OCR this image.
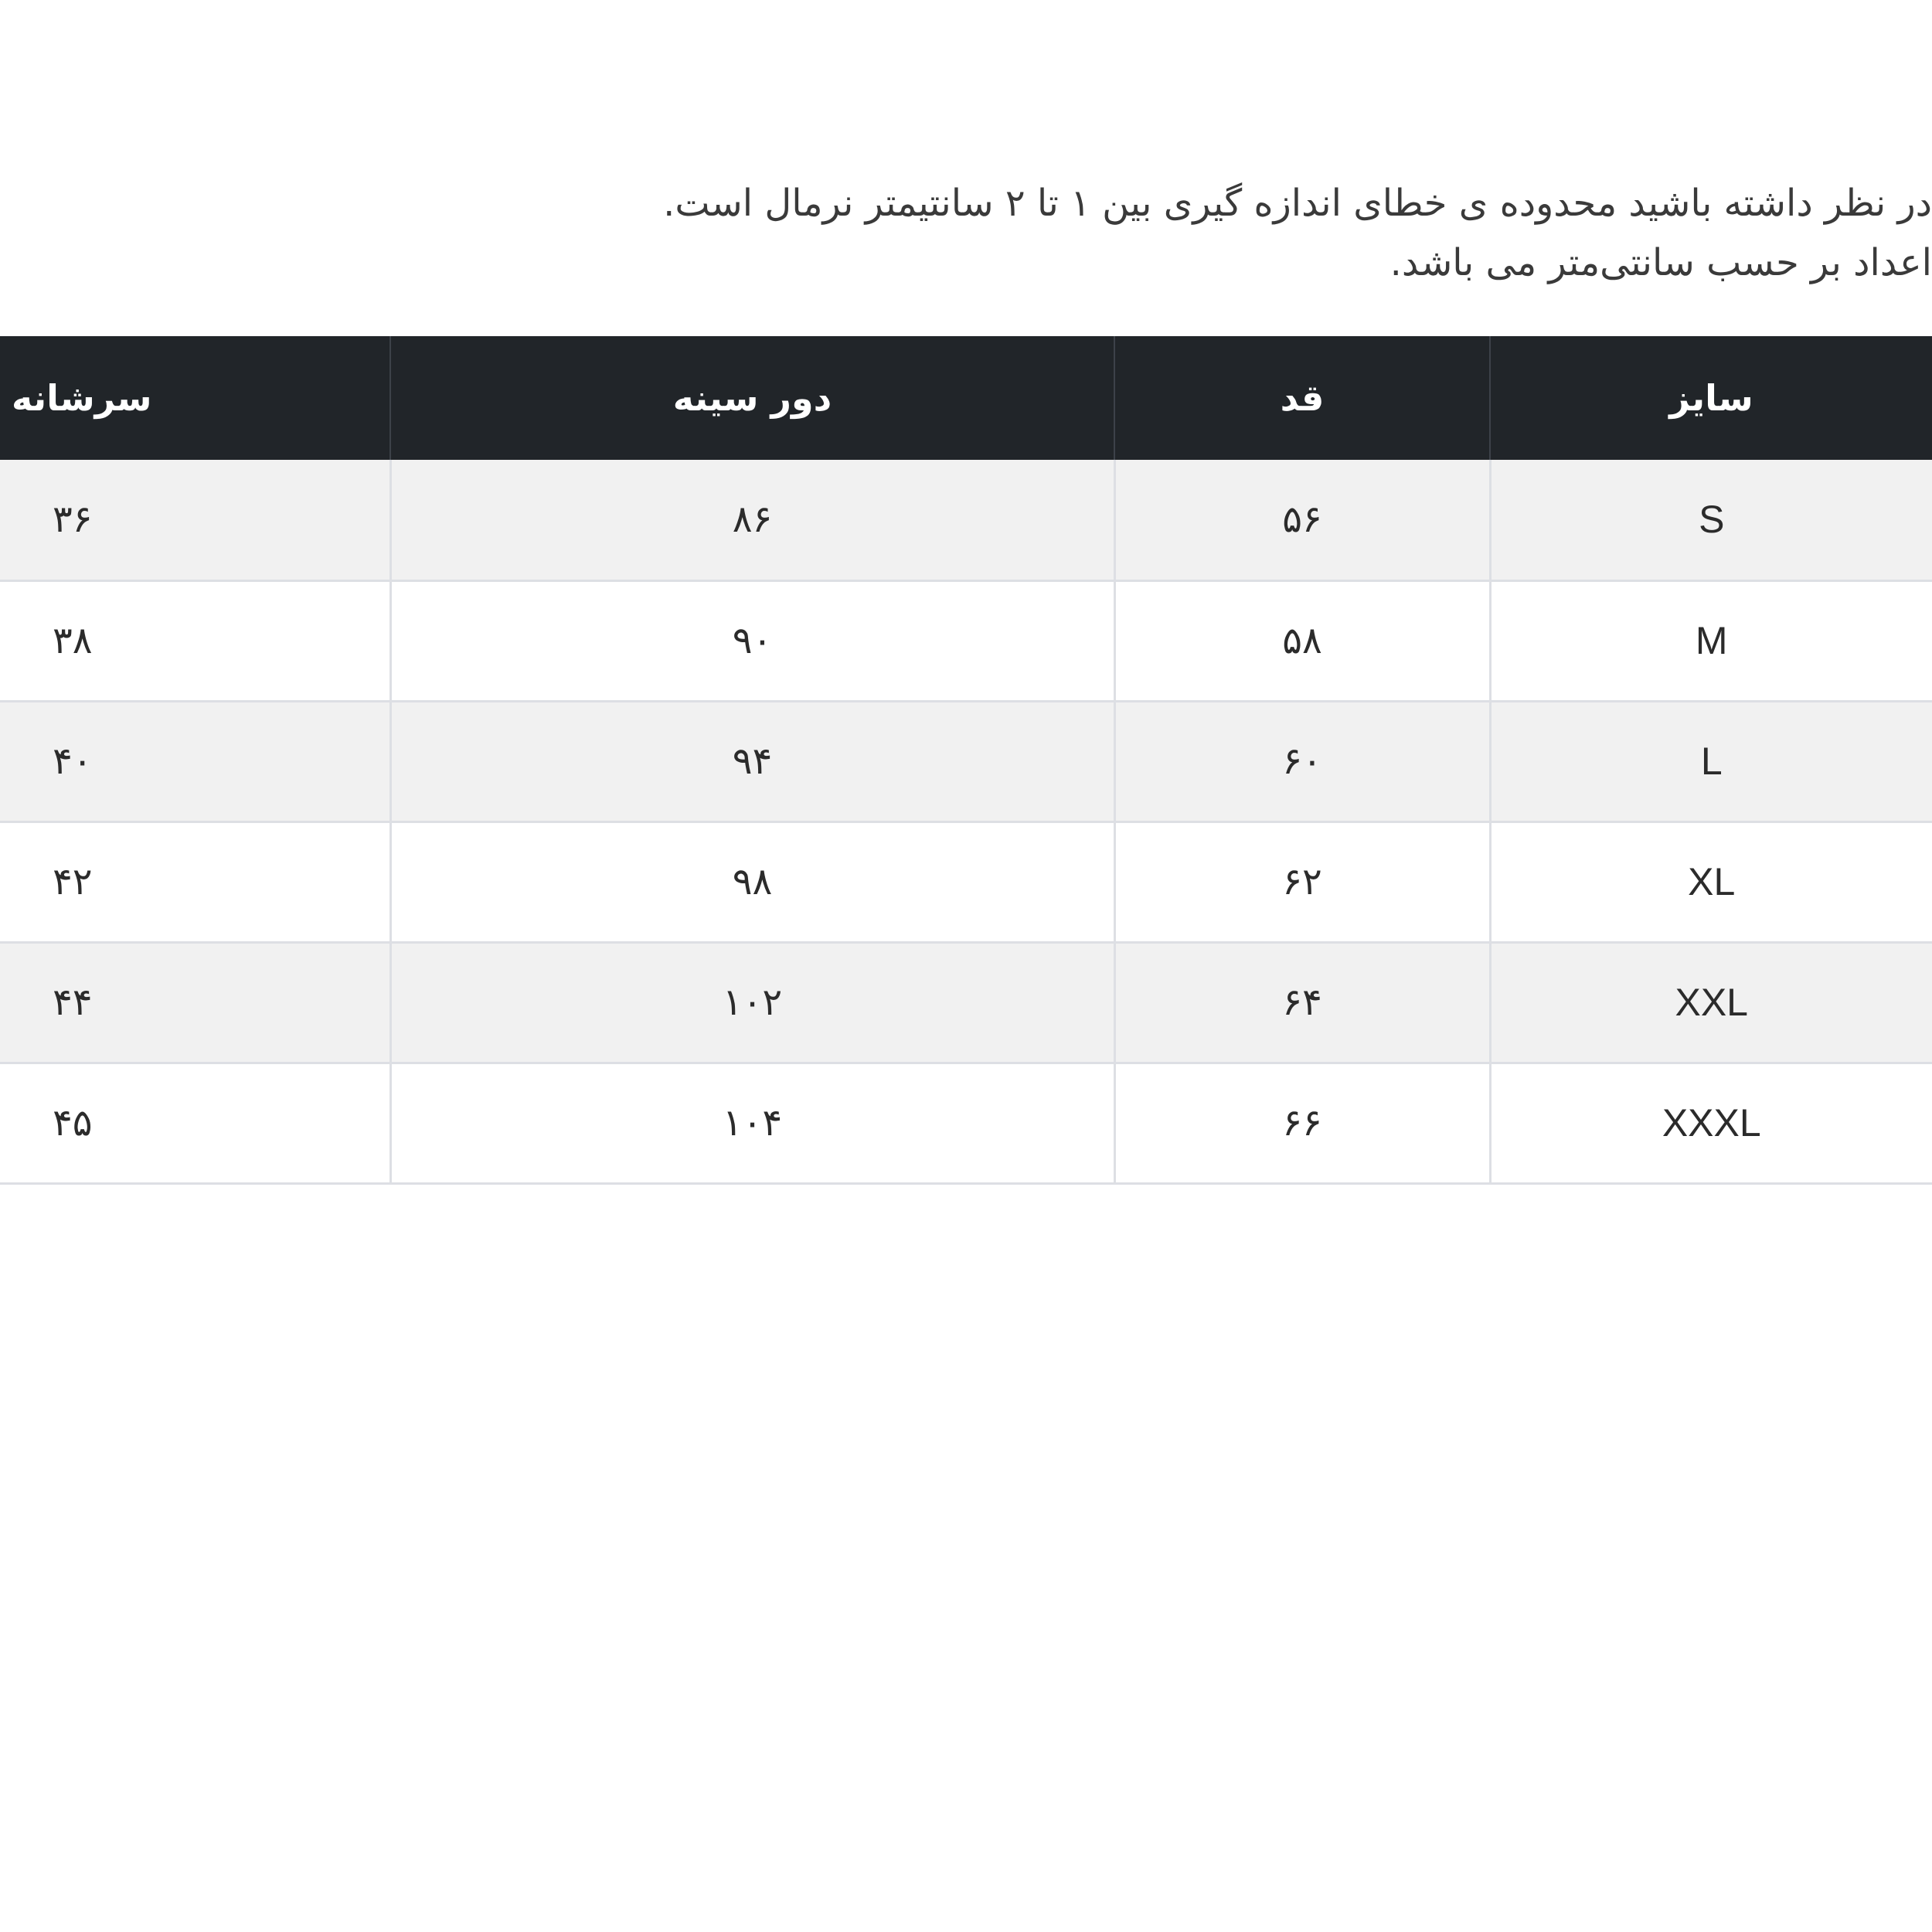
در نظر داشته باشید محدوده ی خطای اندازه گیری بین ۱ تا ۲ سانتیمتر نرمال است.
اعداد بر حسب سانتی‌متر می باشد.
سرشانه	دور سینه	قد	سایز
۳۶	۸۶	۵۶	S
۳۸	۹۰	۵۸	M
۴۰	۹۴	۶۰	L
۴۲	۹۸	۶۲	XL
۴۴	۱۰۲	۶۴	XXL
۴۵	۱۰۴	۶۶	XXXL
